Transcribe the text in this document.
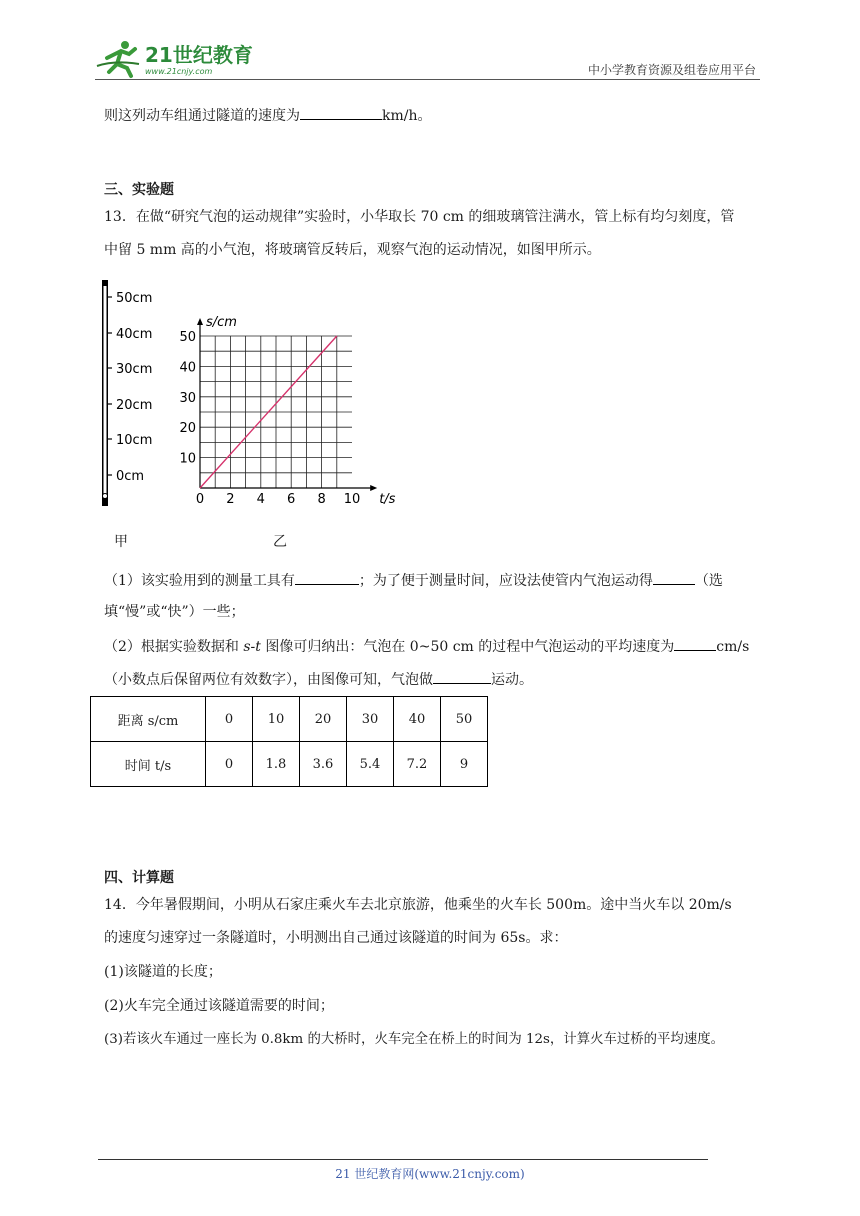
21世纪教育
www.21cnjy.com	中小学教育资源及组卷应用平台
则这列动车组通过隧道的速度为	km/h。
三、实验题
13．在做“研究气泡的运动规律”实验时，小华取长 70 cm 的细玻璃管注满水，管上标有均匀刻度，管
中留 5 mm 高的小气泡，将玻璃管反转后，观察气泡的运动情况，如图甲所示。
50cm
40cm
30cm
20cm
10cm
0cm
0 2 4 6 8 10
10
20
30
40
50
s/cm
t/s
甲	乙
（1）该实验用到的测量工具有	；为了便于测量时间，应设法使管内气泡运动得	（选
填“慢”或“快”）一些；
（2）根据实验数据和 s-t 图像可归纳出：气泡在 0~50 cm 的过程中气泡运动的平均速度为	cm/s
（小数点后保留两位有效数字），由图像可知，气泡做	运动。
距离 s/cm	0	10	20	30	40	50
时间 t/s	0	1.8	3.6	5.4	7.2	9
四、计算题
14．今年暑假期间，小明从石家庄乘火车去北京旅游，他乘坐的火车长 500m。途中当火车以 20m/s
的速度匀速穿过一条隧道时，小明测出自己通过该隧道的时间为 65s。求：
(1)该隧道的长度；
(2)火车完全通过该隧道需要的时间；
(3)若该火车通过一座长为 0.8km 的大桥时，火车完全在桥上的时间为 12s，计算火车过桥的平均速度。
21 世纪教育网(www.21cnjy.com)
